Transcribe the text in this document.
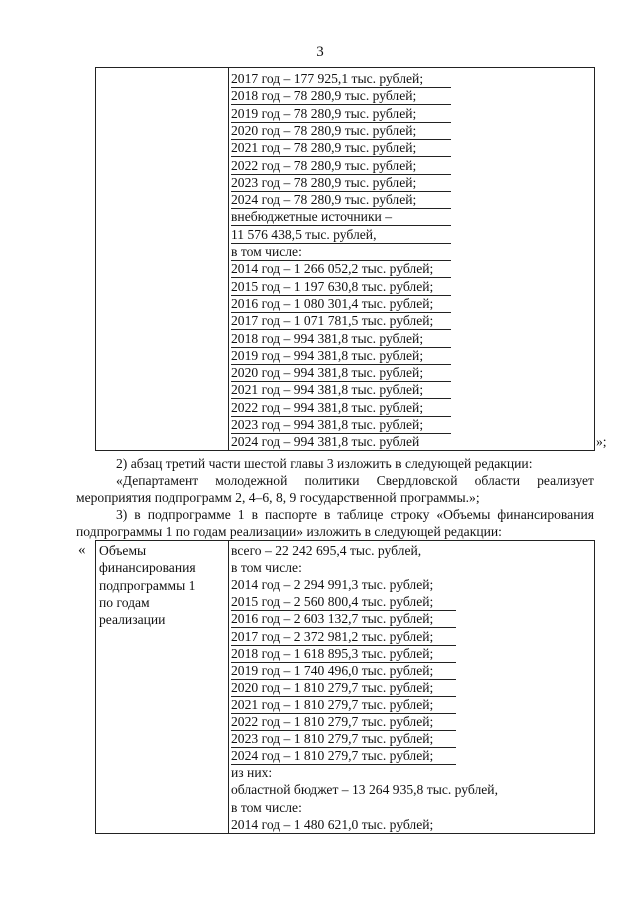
3
2017 год – 177 925,1 тыс. рублей;
2018 год – 78 280,9 тыс. рублей;
2019 год – 78 280,9 тыс. рублей;
2020 год – 78 280,9 тыс. рублей;
2021 год – 78 280,9 тыс. рублей;
2022 год – 78 280,9 тыс. рублей;
2023 год – 78 280,9 тыс. рублей;
2024 год – 78 280,9 тыс. рублей;
внебюджетные источники –
11 576 438,5 тыс. рублей,
в том числе:
2014 год – 1 266 052,2 тыс. рублей;
2015 год – 1 197 630,8 тыс. рублей;
2016 год – 1 080 301,4 тыс. рублей;
2017 год – 1 071 781,5 тыс. рублей;
2018 год – 994 381,8 тыс. рублей;
2019 год – 994 381,8 тыс. рублей;
2020 год – 994 381,8 тыс. рублей;
2021 год – 994 381,8 тыс. рублей;
2022 год – 994 381,8 тыс. рублей;
2023 год – 994 381,8 тыс. рублей;
2024 год – 994 381,8 тыс. рублей	»;
2) абзац третий части шестой главы 3 изложить в следующей редакции:
«Департамент молодежной политики Свердловской области реализует
мероприятия подпрограмм 2, 4–6, 8, 9 государственной программы.»;
3) в подпрограмме 1 в паспорте в таблице строку «Объемы финансирования
подпрограммы 1 по годам реализации» изложить в следующей редакции:
« Объемы
финансирования
подпрограммы 1
по годам
реализации
всего – 22 242 695,4 тыс. рублей,
в том числе:
2014 год – 2 294 991,3 тыс. рублей;
2015 год – 2 560 800,4 тыс. рублей;
2016 год – 2 603 132,7 тыс. рублей;
2017 год – 2 372 981,2 тыс. рублей;
2018 год – 1 618 895,3 тыс. рублей;
2019 год – 1 740 496,0 тыс. рублей;
2020 год – 1 810 279,7 тыс. рублей;
2021 год – 1 810 279,7 тыс. рублей;
2022 год – 1 810 279,7 тыс. рублей;
2023 год – 1 810 279,7 тыс. рублей;
2024 год – 1 810 279,7 тыс. рублей;
из них:
областной бюджет – 13 264 935,8 тыс. рублей,
в том числе:
2014 год – 1 480 621,0 тыс. рублей;
